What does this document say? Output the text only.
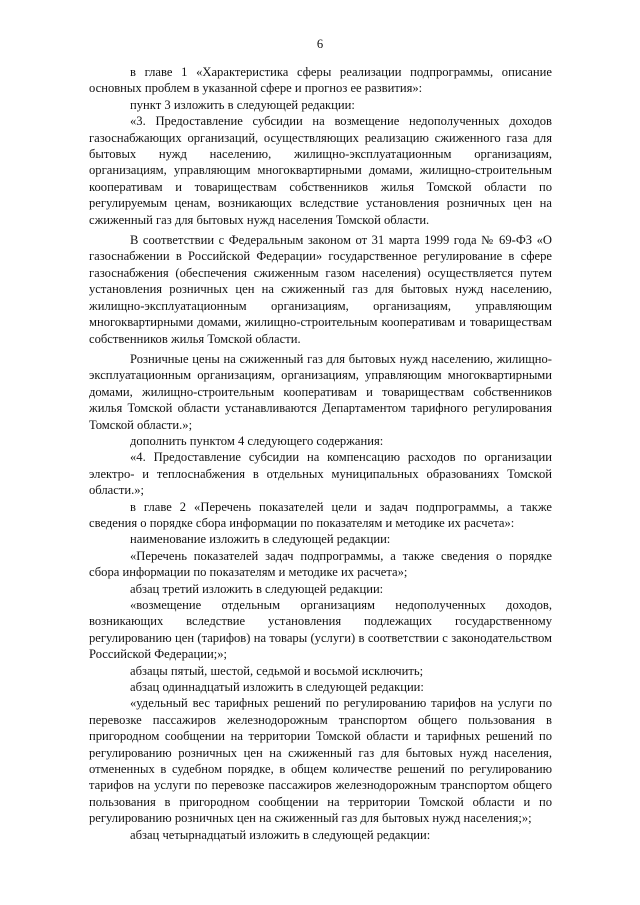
6

в главе 1 «Характеристика сферы реализации подпрограммы, описание основных проблем в указанной сфере и прогноз ее развития»:

пункт 3 изложить в следующей редакции:

«3. Предоставление субсидии на возмещение недополученных доходов газоснабжающих организаций, осуществляющих реализацию сжиженного газа для бытовых нужд населению, жилищно-эксплуатационным организациям, организациям, управляющим многоквартирными домами, жилищно-строительным кооперативам и товариществам собственников жилья Томской области по регулируемым ценам, возникающих вследствие установления розничных цен на сжиженный газ для бытовых нужд населения Томской области.

В соответствии с Федеральным законом от 31 марта 1999 года № 69-ФЗ «О газоснабжении в Российской Федерации» государственное регулирование в сфере газоснабжения (обеспечения сжиженным газом населения) осуществляется путем установления розничных цен на сжиженный газ для бытовых нужд населению, жилищно-эксплуатационным организациям, организациям, управляющим многоквартирными домами, жилищно-строительным кооперативам и товариществам собственников жилья Томской области.

Розничные цены на сжиженный газ для бытовых нужд населению, жилищно-эксплуатационным организациям, организациям, управляющим многоквартирными домами, жилищно-строительным кооперативам и товариществам собственников жилья Томской области устанавливаются Департаментом тарифного регулирования Томской области.»;

дополнить пунктом 4 следующего содержания:

«4. Предоставление субсидии на компенсацию расходов по организации электро- и теплоснабжения в отдельных муниципальных образованиях Томской области.»;

в главе 2 «Перечень показателей цели и задач подпрограммы, а также сведения о порядке сбора информации по показателям и методике их расчета»:

наименование изложить в следующей редакции:

«Перечень показателей задач подпрограммы, а также сведения о порядке сбора информации по показателям и методике их расчета»;

абзац третий изложить в следующей редакции:

«возмещение отдельным организациям недополученных доходов, возникающих вследствие установления подлежащих государственному регулированию цен (тарифов) на товары (услуги) в соответствии с законодательством Российской Федерации;»;

абзацы пятый, шестой, седьмой и восьмой исключить;

абзац одиннадцатый изложить в следующей редакции:

«удельный вес тарифных решений по регулированию тарифов на услуги по перевозке пассажиров железнодорожным транспортом общего пользования в пригородном сообщении на территории Томской области и тарифных решений по регулированию розничных цен на сжиженный газ для бытовых нужд населения, отмененных в судебном порядке, в общем количестве решений по регулированию тарифов на услуги по перевозке пассажиров железнодорожным транспортом общего пользования в пригородном сообщении на территории Томской области и по регулированию розничных цен на сжиженный газ для бытовых нужд населения;»;

абзац четырнадцатый изложить в следующей редакции:
